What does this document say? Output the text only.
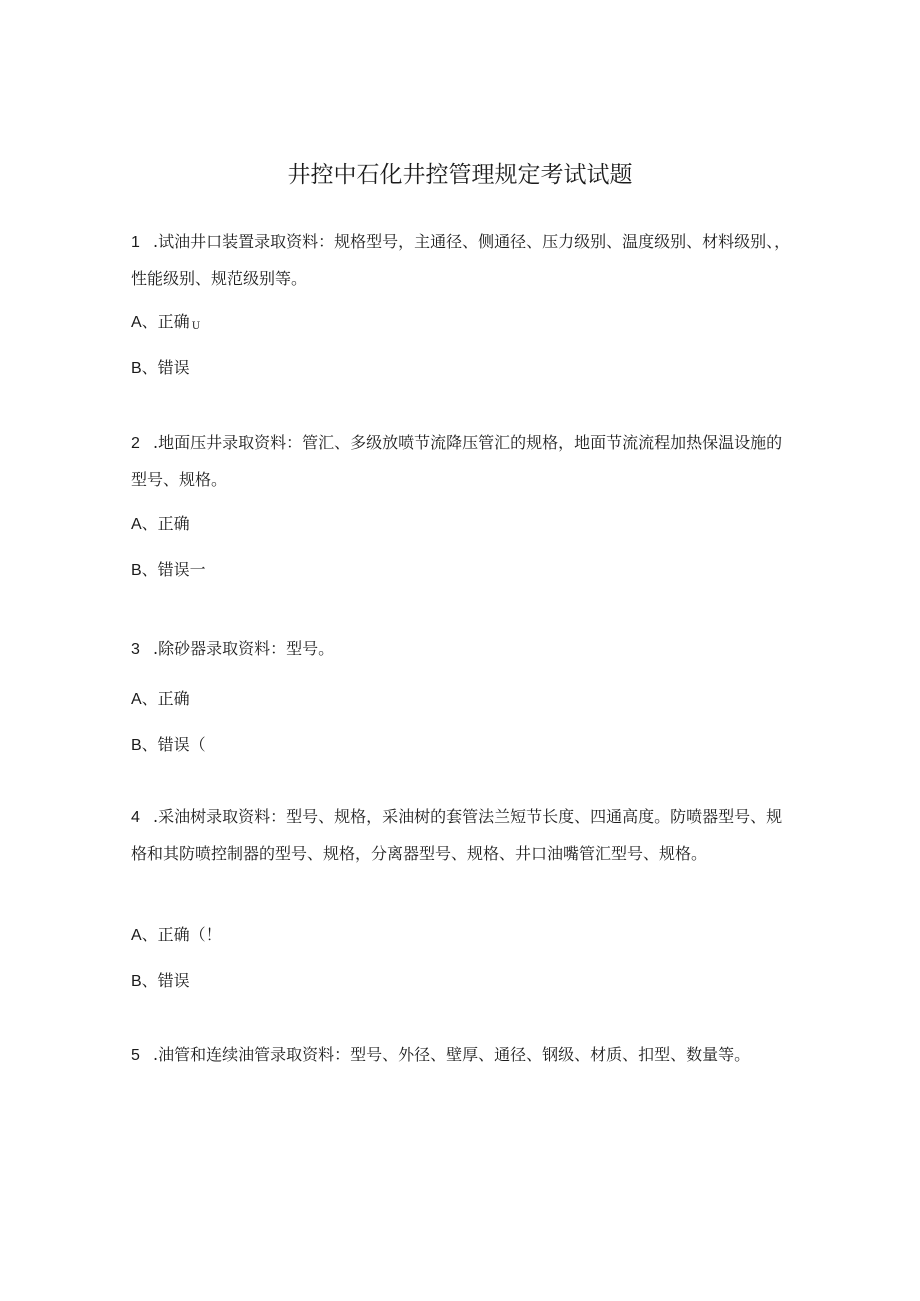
井控中石化井控管理规定考试试题
1 .试油井口装置录取资料：规格型号，主通径、侧通径、压力级别、温度级别、材料级别、，性能级别、规范级别等。
A、正确 U
B、错误
2 .地面压井录取资料：管汇、多级放喷节流降压管汇的规格，地面节流流程加热保温设施的型号、规格。
A、正确
B、错误一
3 .除砂器录取资料：型号。
A、正确
B、错误（
4 .采油树录取资料：型号、规格，采油树的套管法兰短节长度、四通高度。防喷器型号、规格和其防喷控制器的型号、规格，分离器型号、规格、井口油嘴管汇型号、规格。
A、正确（！
B、错误
5 .油管和连续油管录取资料：型号、外径、壁厚、通径、钢级、材质、扣型、数量等。
